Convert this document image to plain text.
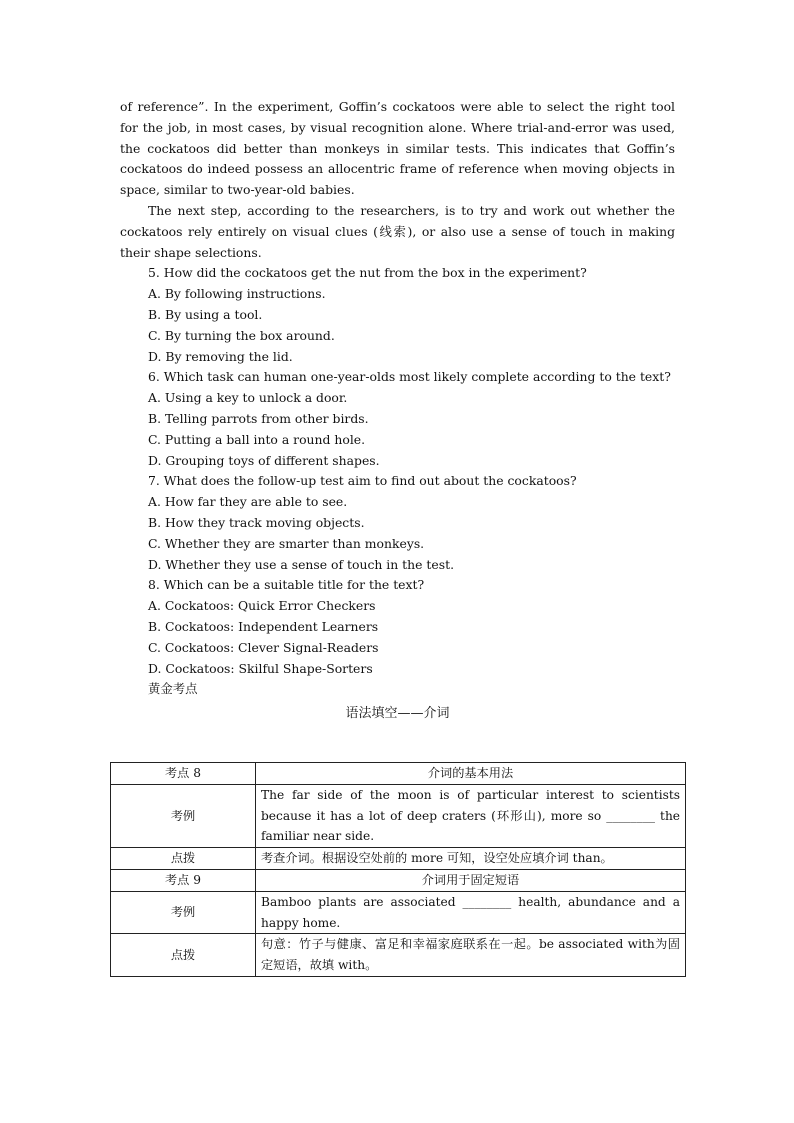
of reference”. In the experiment, Goffin’s cockatoos were able to select the right tool for the job, in most cases, by visual recognition alone. Where trial-and-error was used, the cockatoos did better than monkeys in similar tests. This indicates that Goffin’s cockatoos do indeed possess an allocentric frame of reference when moving objects in space, similar to two-year-old babies.

The next step, according to the researchers, is to try and work out whether the cockatoos rely entirely on visual clues (线索), or also use a sense of touch in making their shape selections.

5. How did the cockatoos get the nut from the box in the experiment?

A. By following instructions.

B. By using a tool.

C. By turning the box around.

D. By removing the lid.

6. Which task can human one-year-olds most likely complete according to the text?

A. Using a key to unlock a door.

B. Telling parrots from other birds.

C. Putting a ball into a round hole.

D. Grouping toys of different shapes.

7. What does the follow-up test aim to find out about the cockatoos?

A. How far they are able to see.

B. How they track moving objects.

C. Whether they are smarter than monkeys.

D. Whether they use a sense of touch in the test.

8. Which can be a suitable title for the text?

A. Cockatoos: Quick Error Checkers

B. Cockatoos: Independent Learners

C. Cockatoos: Clever Signal-Readers

D. Cockatoos: Skilful Shape-Sorters

黄金考点

语法填空——介词

考点 8	介词的基本用法
考例	The far side of the moon is of particular interest to scientists because it has a lot of deep craters (环形山), more so ________ the familiar near side.
点拨	考查介词。根据设空处前的 more 可知，设空处应填介词 than。
考点 9	介词用于固定短语
考例	Bamboo plants are associated ________ health, abundance and a happy home.
点拨	句意：竹子与健康、富足和幸福家庭联系在一起。be associated with为固定短语，故填 with。
